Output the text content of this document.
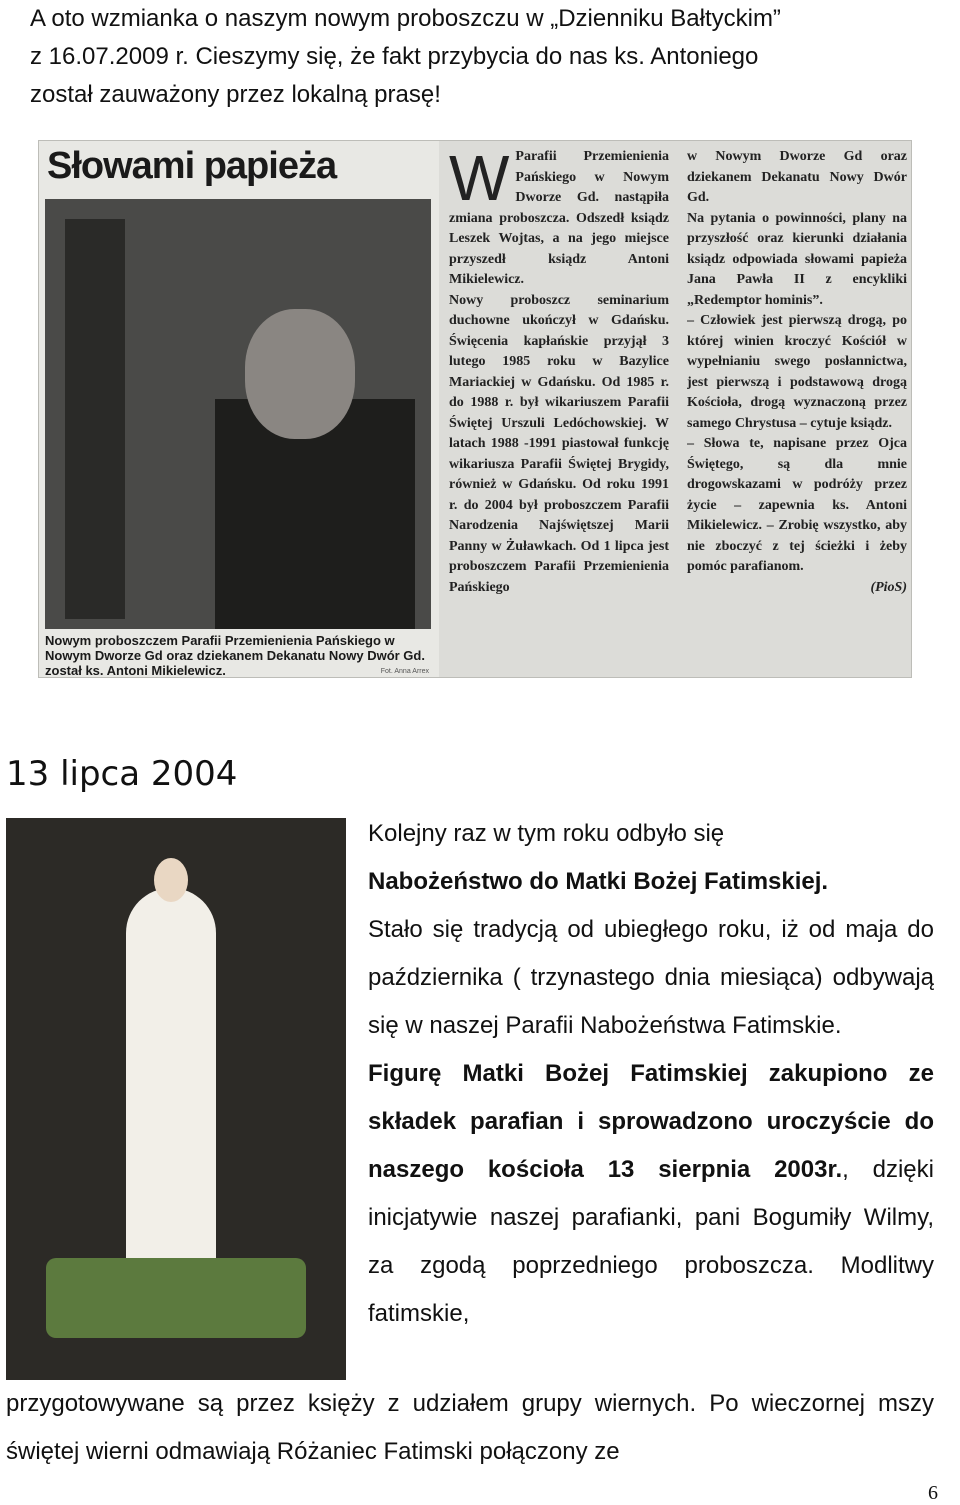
A oto wzmianka o naszym nowym proboszczu w „Dzienniku Bałtyckim”

z 16.07.2009 r. Cieszymy się, że fakt przybycia do nas ks. Antoniego

został zauważony przez lokalną prasę!

Słowami papieża
Nowym proboszczem Parafii Przemienienia Pańskiego w Nowym Dworze Gd oraz dziekanem Dekanatu Nowy Dwór Gd. został ks. Antoni Mikielewicz.	Fot. Anna Arrex
W Parafii Przemienienia Pańskiego w Nowym Dworze Gd. nastąpiła zmiana proboszcza. Odszedł ksiądz Leszek Wojtas, a na jego miejsce przyszedł ksiądz Antoni Mikielewicz.

Nowy proboszcz seminarium duchowne ukończył w Gdańsku. Święcenia kapłańskie przyjął 3 lutego 1985 roku w Bazylice Mariackiej w Gdańsku. Od 1985 r. do 1988 r. był wikariuszem Parafii Świętej Urszuli Ledóchowskiej. W latach 1988 -1991 piastował funkcję wikariusza Parafii Świętej Brygidy, również w Gdańsku. Od roku 1991 r. do 2004 był proboszczem Parafii Narodzenia Najświętszej Marii Panny w Żuławkach. Od 1 lipca jest proboszczem Parafii Przemienienia Pańskiego

w Nowym Dworze Gd oraz dziekanem Dekanatu Nowy Dwór Gd.

Na pytania o powinności, plany na przyszłość oraz kierunki działania ksiądz odpowiada słowami papieża Jana Pawła II z encykliki „Redemptor hominis”.

– Człowiek jest pierwszą drogą, po której winien kroczyć Kościół w wypełnianiu swego posłannictwa, jest pierwszą i podstawową drogą Kościoła, drogą wyznaczoną przez samego Chrystusa – cytuje ksiądz.

– Słowa te, napisane przez Ojca Świętego, są dla mnie drogowskazami w podróży przez życie – zapewnia ks. Antoni Mikielewicz. – Zrobię wszystko, aby nie zboczyć z tej ścieżki i żeby pomóc parafianom.

(PioS)

13 lipca 2004

Kolejny raz w tym roku odbyło się

Nabożeństwo do Matki Bożej Fatimskiej.

Stało się tradycją od ubiegłego roku, iż od maja do października ( trzynastego dnia miesiąca) odbywają się w naszej Parafii Nabożeństwa Fatimskie.

Figurę Matki Bożej Fatimskiej zakupiono ze składek parafian i sprowadzono uroczyście do naszego kościoła 13 sierpnia 2003r., dzięki inicjatywie naszej parafianki, pani Bogumiły Wilmy, za zgodą poprzedniego proboszcza. Modlitwy fatimskie,

przygotowywane są przez księży z udziałem grupy wiernych. Po wieczornej mszy świętej wierni odmawiają Różaniec Fatimski połączony ze

6
